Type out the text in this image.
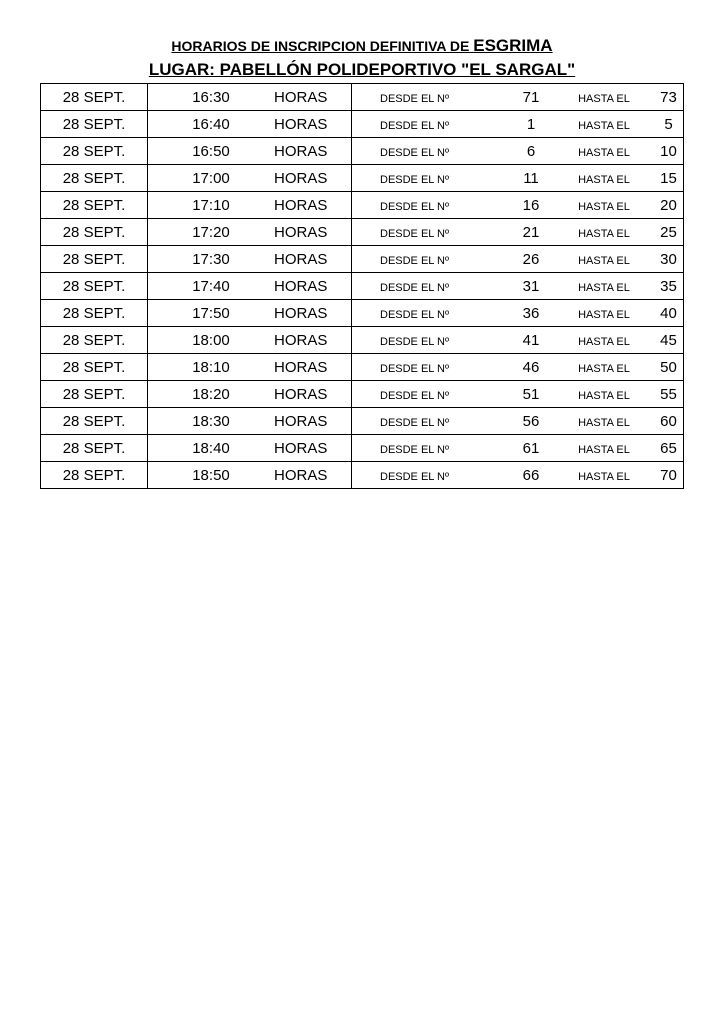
HORARIOS DE INSCRIPCION DEFINITIVA DE ESGRIMA
LUGAR: PABELLÓN POLIDEPORTIVO "EL SARGAL"
28 SEPT.	16:30	HORAS	DESDE EL Nº	71	HASTA EL	73
28 SEPT.	16:40	HORAS	DESDE EL Nº	1	HASTA EL	5
28 SEPT.	16:50	HORAS	DESDE EL Nº	6	HASTA EL	10
28 SEPT.	17:00	HORAS	DESDE EL Nº	11	HASTA EL	15
28 SEPT.	17:10	HORAS	DESDE EL Nº	16	HASTA EL	20
28 SEPT.	17:20	HORAS	DESDE EL Nº	21	HASTA EL	25
28 SEPT.	17:30	HORAS	DESDE EL Nº	26	HASTA EL	30
28 SEPT.	17:40	HORAS	DESDE EL Nº	31	HASTA EL	35
28 SEPT.	17:50	HORAS	DESDE EL Nº	36	HASTA EL	40
28 SEPT.	18:00	HORAS	DESDE EL Nº	41	HASTA EL	45
28 SEPT.	18:10	HORAS	DESDE EL Nº	46	HASTA EL	50
28 SEPT.	18:20	HORAS	DESDE EL Nº	51	HASTA EL	55
28 SEPT.	18:30	HORAS	DESDE EL Nº	56	HASTA EL	60
28 SEPT.	18:40	HORAS	DESDE EL Nº	61	HASTA EL	65
28 SEPT.	18:50	HORAS	DESDE EL Nº	66	HASTA EL	70
